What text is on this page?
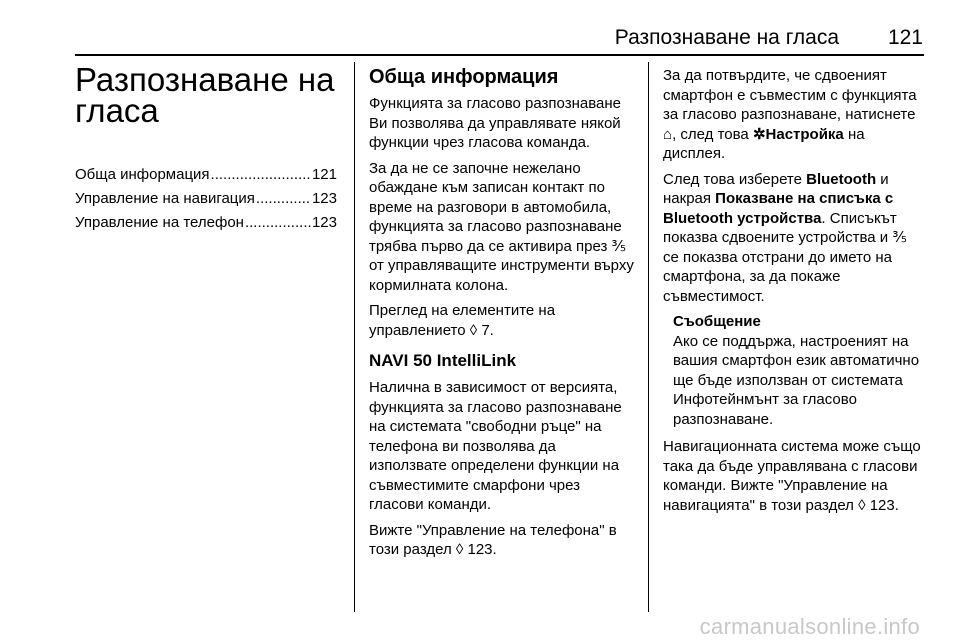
Разпознаване на гласа 121
Разпознаване на
гласа
Обща информация .....	121
Управление на навигация .....	123
Управление на телефон .....	123
Обща информация

Функцията за гласово разпознаване Ви позволява да управлявате някой функции чрез гласова команда.

За да не се започне нежелано обаждане към записан контакт по време на разговори в автомобила, функцията за гласово разпознаване трябва първо да се активира през ⅗ от управляващите инструменти върху кормилната колона.

Преглед на елементите на управлението ◊ 7.

NAVI 50 IntelliLink

Налична в зависимост от версията, функцията за гласово разпознаване на системата "свободни ръце" на телефона ви позволява да използвате определени функции на съвместимите смарфони чрез гласови команди.

Вижте "Управление на телефона" в този раздел ◊ 123.

За да потвърдите, че сдвоеният смартфон е съвместим с функцията за гласово разпознаване, натиснете ⌂, след това ✲Настройка на дисплея.

След това изберете Bluetooth и накрая Показване на списъка с Bluetooth устройства. Списъкът показва сдвоените устройства и ⅗ се показва отстрани до името на смартфона, за да покаже съвместимост.

Съобщение

Ако се поддържа, настроеният на вашия смартфон език автоматично ще бъде използван от системата Инфотейнмънт за гласово разпознаване.

Навигационната система може също така да бъде управлявана с гласови команди. Вижте "Управление на навигацията" в този раздел ◊ 123.

carmanualsonline.info
